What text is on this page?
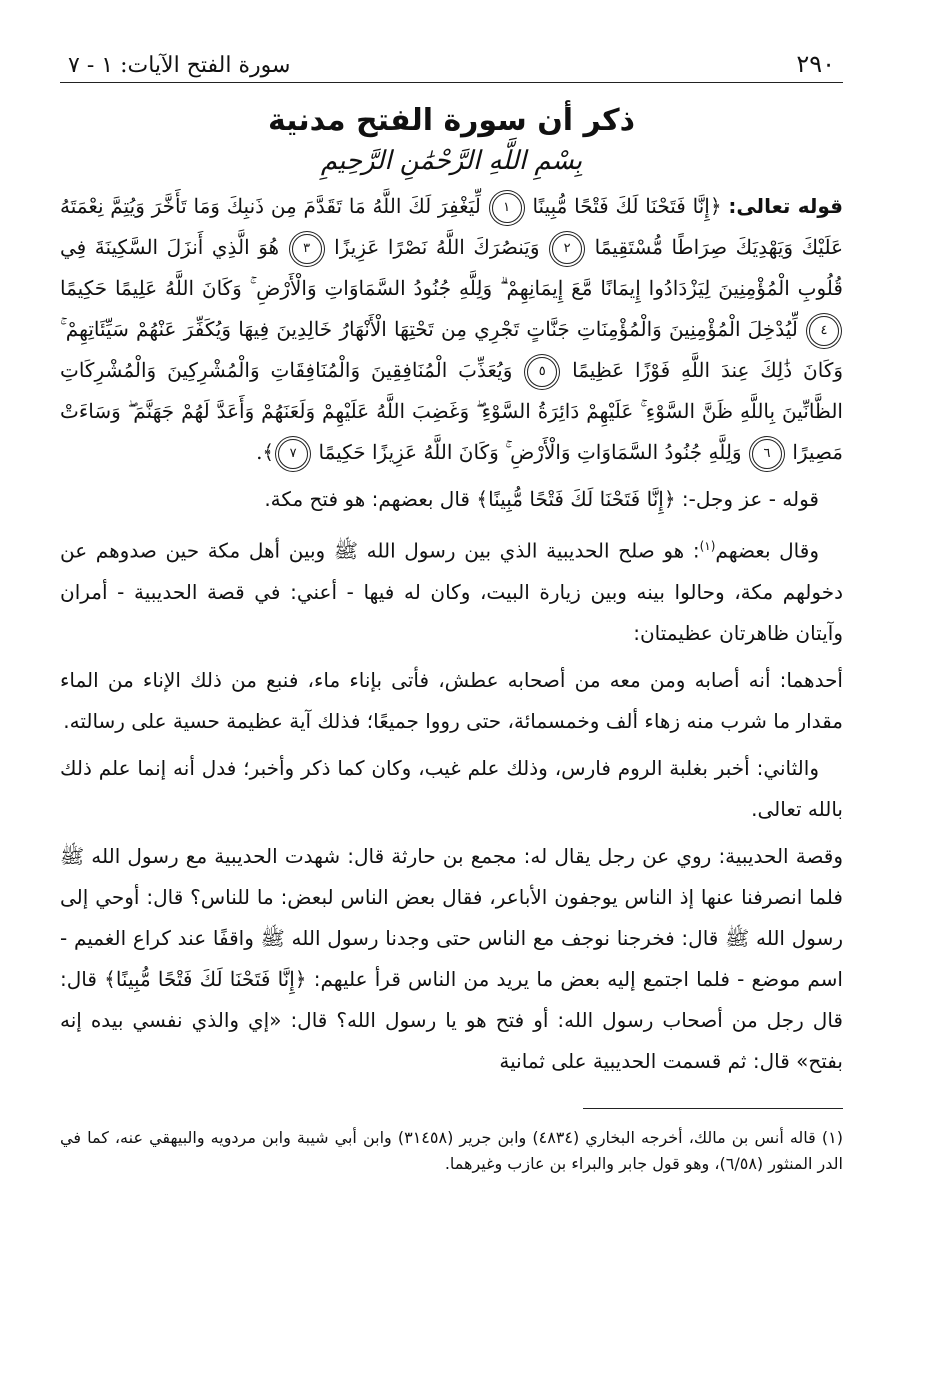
٢٩٠
سورة الفتح الآيات: ١ - ٧
ذكر أن سورة الفتح مدنية
بِسْمِ اللَّهِ الرَّحْمَٰنِ الرَّحِيمِ

قوله تعالى: ﴿إِنَّا فَتَحْنَا لَكَ فَتْحًا مُّبِينًا ١ لِّيَغْفِرَ لَكَ اللَّهُ مَا تَقَدَّمَ مِن ذَنبِكَ وَمَا تَأَخَّرَ وَيُتِمَّ نِعْمَتَهُ عَلَيْكَ وَيَهْدِيَكَ صِرَاطًا مُّسْتَقِيمًا ٢ وَيَنصُرَكَ اللَّهُ نَصْرًا عَزِيزًا ٣ هُوَ الَّذِي أَنزَلَ السَّكِينَةَ فِي قُلُوبِ الْمُؤْمِنِينَ لِيَزْدَادُوا إِيمَانًا مَّعَ إِيمَانِهِمْ ۗ وَلِلَّهِ جُنُودُ السَّمَاوَاتِ وَالْأَرْضِ ۚ وَكَانَ اللَّهُ عَلِيمًا حَكِيمًا ٤ لِّيُدْخِلَ الْمُؤْمِنِينَ وَالْمُؤْمِنَاتِ جَنَّاتٍ تَجْرِي مِن تَحْتِهَا الْأَنْهَارُ خَالِدِينَ فِيهَا وَيُكَفِّرَ عَنْهُمْ سَيِّئَاتِهِمْ ۚ وَكَانَ ذَٰلِكَ عِندَ اللَّهِ فَوْزًا عَظِيمًا ٥ وَيُعَذِّبَ الْمُنَافِقِينَ وَالْمُنَافِقَاتِ وَالْمُشْرِكِينَ وَالْمُشْرِكَاتِ الظَّانِّينَ بِاللَّهِ ظَنَّ السَّوْءِ ۚ عَلَيْهِمْ دَائِرَةُ السَّوْءِ ۖ وَغَضِبَ اللَّهُ عَلَيْهِمْ وَلَعَنَهُمْ وَأَعَدَّ لَهُمْ جَهَنَّمَ ۖ وَسَاءَتْ مَصِيرًا ٦ وَلِلَّهِ جُنُودُ السَّمَاوَاتِ وَالْأَرْضِ ۚ وَكَانَ اللَّهُ عَزِيزًا حَكِيمًا ٧﴾.

قوله - عز وجل-: ﴿إِنَّا فَتَحْنَا لَكَ فَتْحًا مُّبِينًا﴾ قال بعضهم: هو فتح مكة.

وقال بعضهم$^{(١)}$: هو صلح الحديبية الذي بين رسول الله ﷺ وبين أهل مكة حين صدوهم عن دخولهم مكة، وحالوا بينه وبين زيارة البيت، وكان له فيها - أعني: في قصة الحديبية - أمران وآيتان ظاهرتان عظيمتان:

أحدهما: أنه أصابه ومن معه من أصحابه عطش، فأتى بإناء ماء، فنبع من ذلك الإناء من الماء مقدار ما شرب منه زهاء ألف وخمسمائة، حتى رووا جميعًا؛ فذلك آية عظيمة حسية على رسالته.

والثاني: أخبر بغلبة الروم فارس، وذلك علم غيب، وكان كما ذكر وأخبر؛ فدل أنه إنما علم ذلك بالله تعالى.

وقصة الحديبية: روي عن رجل يقال له: مجمع بن حارثة قال: شهدت الحديبية مع رسول الله ﷺ فلما انصرفنا عنها إذ الناس يوجفون الأباعر، فقال بعض الناس لبعض: ما للناس؟ قال: أوحي إلى رسول الله ﷺ قال: فخرجنا نوجف مع الناس حتى وجدنا رسول الله ﷺ واقفًا عند كراع الغميم - اسم موضع - فلما اجتمع إليه بعض ما يريد من الناس قرأ عليهم: ﴿إِنَّا فَتَحْنَا لَكَ فَتْحًا مُّبِينًا﴾ قال: قال رجل من أصحاب رسول الله: أو فتح هو يا رسول الله؟ قال: «إي والذي نفسي بيده إنه بفتح» قال: ثم قسمت الحديبية على ثمانية

(١) قاله أنس بن مالك، أخرجه البخاري (٤٨٣٤) وابن جرير (٣١٤٥٨) وابن أبي شيبة وابن مردويه والبيهقي عنه، كما في الدر المنثور (٦/٥٨)، وهو قول جابر والبراء بن عازب وغيرهما.
